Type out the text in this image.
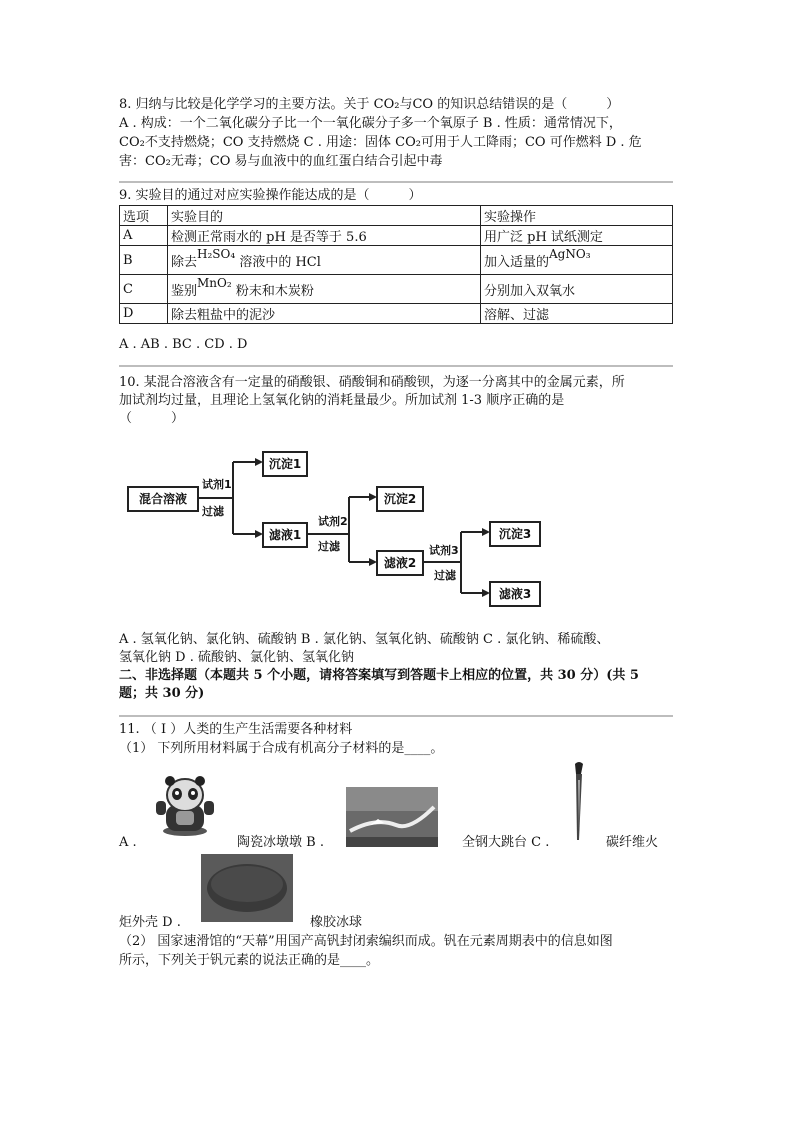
8. 归纳与比较是化学学习的主要方法。关于 CO₂与CO 的知识总结错误的是（　　　）
A . 构成：一个二氧化碳分子比一个一氧化碳分子多一个氧原子 B . 性质：通常情况下，
CO₂不支持燃烧；CO 支持燃烧 C . 用途：固体 CO₂可用于人工降雨；CO 可作燃料 D . 危
害：CO₂无毒；CO 易与血液中的血红蛋白结合引起中毒
9. 实验目的通过对应实验操作能达成的是（　　　）
选项	实验目的	实验操作
A	检测正常雨水的 pH 是否等于 5.6	用广泛 pH 试纸测定
B	除去H₂SO₄ 溶液中的 HCl	加入适量的AgNO₃
C	鉴别MnO₂ 粉末和木炭粉	分别加入双氧水
D	除去粗盐中的泥沙	溶解、过滤
A . AB . BC . CD . D
10. 某混合溶液含有一定量的硝酸银、硝酸铜和硝酸钡，为逐一分离其中的金属元素，所
加试剂均过量，且理论上氢氧化钠的消耗量最少。所加试剂 1-3 顺序正确的是
（　　　）
混合溶液
沉淀1
滤液1
沉淀2
滤液2
沉淀3
滤液3
试剂1
过滤
试剂2
过滤	试剂3
过滤
A . 氢氧化钠、氯化钠、硫酸钠 B . 氯化钠、氢氧化钠、硫酸钠 C . 氯化钠、稀硫酸、
氢氧化钠 D . 硫酸钠、氯化钠、氢氧化钠
二、非选择题（本题共 5 个小题，请将答案填写到答题卡上相应的位置，共 30 分）(共 5
题；共 30 分)
11. （ I ）人类的生产生活需要各种材料
（1） 下列所用材料属于合成有机高分子材料的是____。
A .	陶瓷冰墩墩 B .	全钢大跳台 C .	碳纤维火
炬外壳 D .	橡胶冰球
（2） 国家速滑馆的“天幕”用国产高钒封闭索编织而成。钒在元素周期表中的信息如图
所示，下列关于钒元素的说法正确的是____。
